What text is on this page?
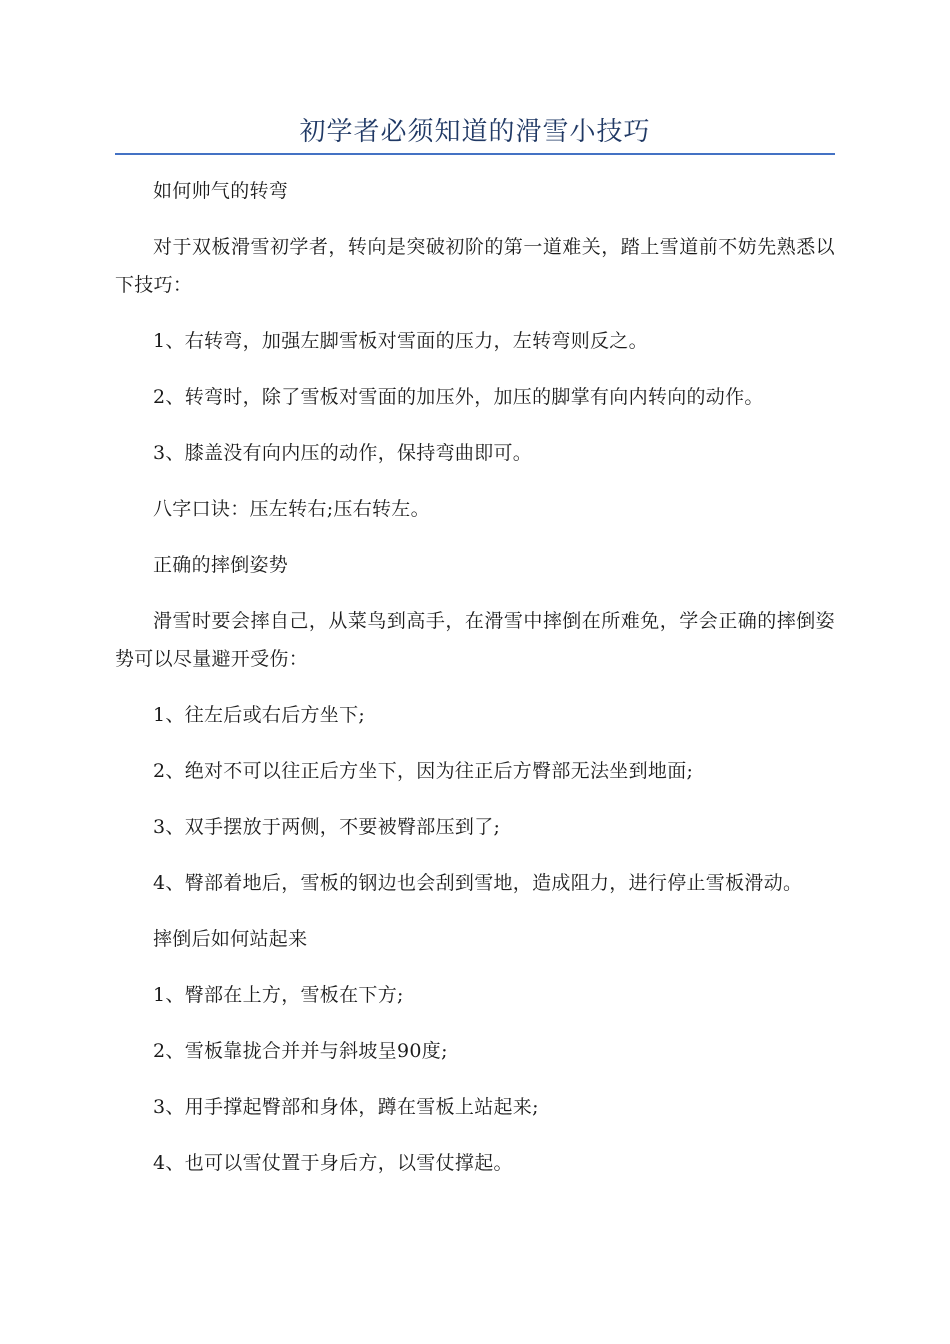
初学者必须知道的滑雪小技巧

如何帅气的转弯

对于双板滑雪初学者，转向是突破初阶的第一道难关，踏上雪道前不妨先熟悉以下技巧：

1、右转弯，加强左脚雪板对雪面的压力，左转弯则反之。

2、转弯时，除了雪板对雪面的加压外，加压的脚掌有向内转向的动作。

3、膝盖没有向内压的动作，保持弯曲即可。

八字口诀：压左转右;压右转左。

正确的摔倒姿势

滑雪时要会摔自己，从菜鸟到高手，在滑雪中摔倒在所难免，学会正确的摔倒姿势可以尽量避开受伤：

1、往左后或右后方坐下;

2、绝对不可以往正后方坐下，因为往正后方臀部无法坐到地面;

3、双手摆放于两侧，不要被臀部压到了;

4、臀部着地后，雪板的钢边也会刮到雪地，造成阻力，进行停止雪板滑动。

摔倒后如何站起来

1、臀部在上方，雪板在下方;

2、雪板靠拢合并并与斜坡呈90度;

3、用手撑起臀部和身体，蹲在雪板上站起来;

4、也可以雪仗置于身后方，以雪仗撑起。
